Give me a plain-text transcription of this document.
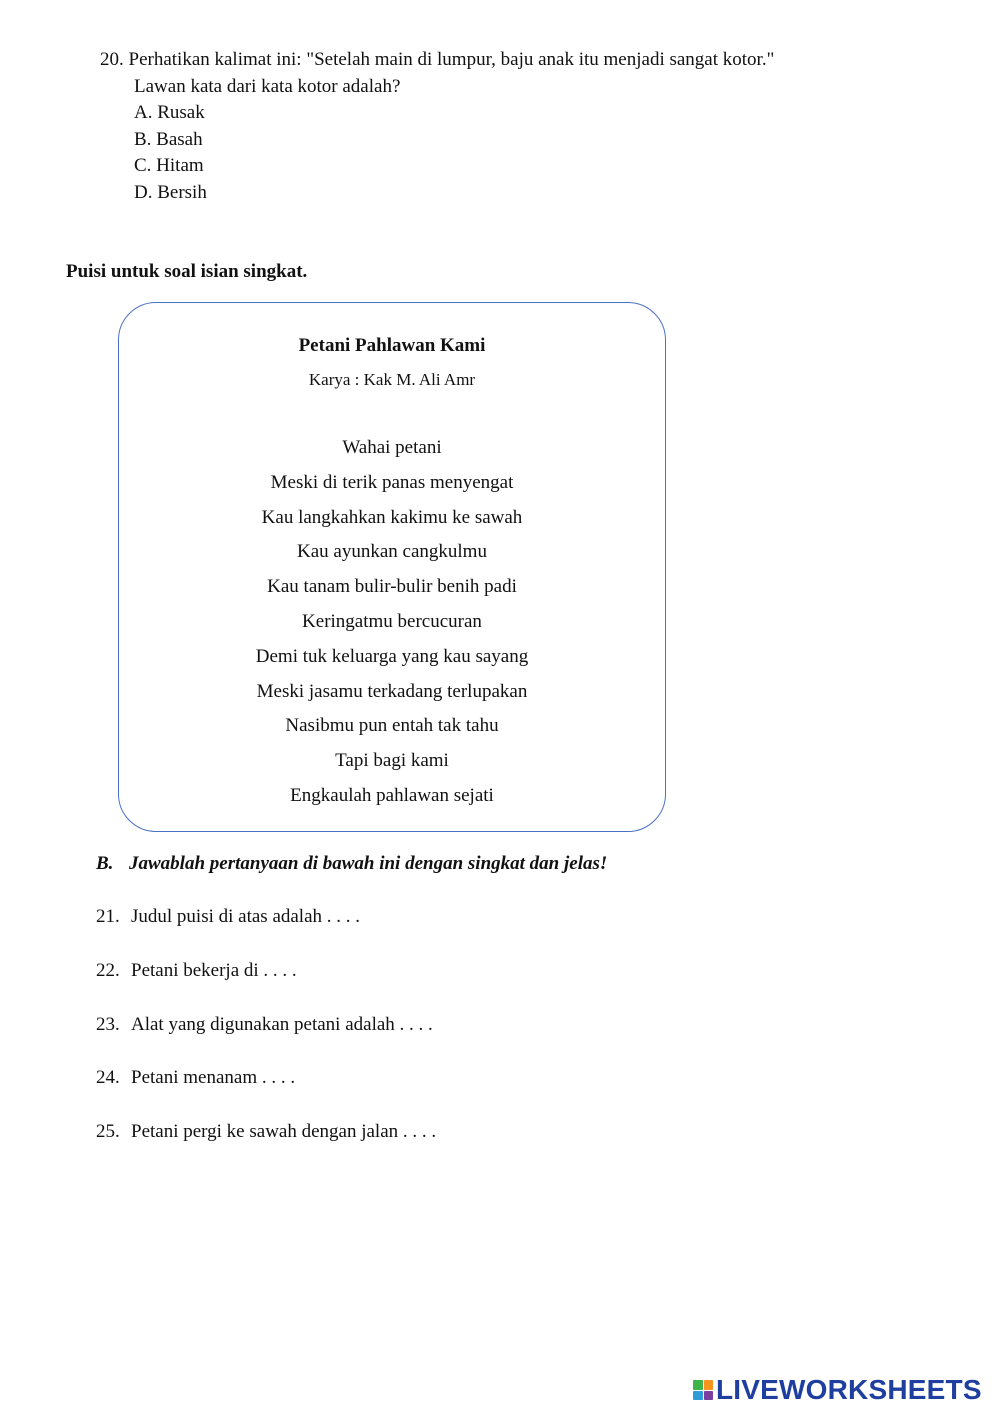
20. Perhatikan kalimat ini: "Setelah main di lumpur, baju anak itu menjadi sangat kotor."
Lawan kata dari kata kotor adalah?
A. Rusak
B. Basah
C. Hitam
D. Bersih
Puisi untuk soal isian singkat.
Petani Pahlawan Kami
Karya : Kak M. Ali Amr
Wahai petani
Meski di terik panas menyengat
Kau langkahkan kakimu ke sawah
Kau ayunkan cangkulmu
Kau tanam bulir-bulir benih padi
Keringatmu bercucuran
Demi tuk keluarga yang kau sayang
Meski jasamu terkadang terlupakan
Nasibmu pun entah tak tahu
Tapi bagi kami
Engkaulah pahlawan sejati
B. Jawablah pertanyaan di bawah ini dengan singkat dan jelas!
21. Judul puisi di atas adalah . . . .
22. Petani bekerja di . . . .
23. Alat yang digunakan petani adalah . . . .
24. Petani menanam . . . .
25. Petani pergi ke sawah dengan jalan . . . .
LIVEWORKSHEETS
